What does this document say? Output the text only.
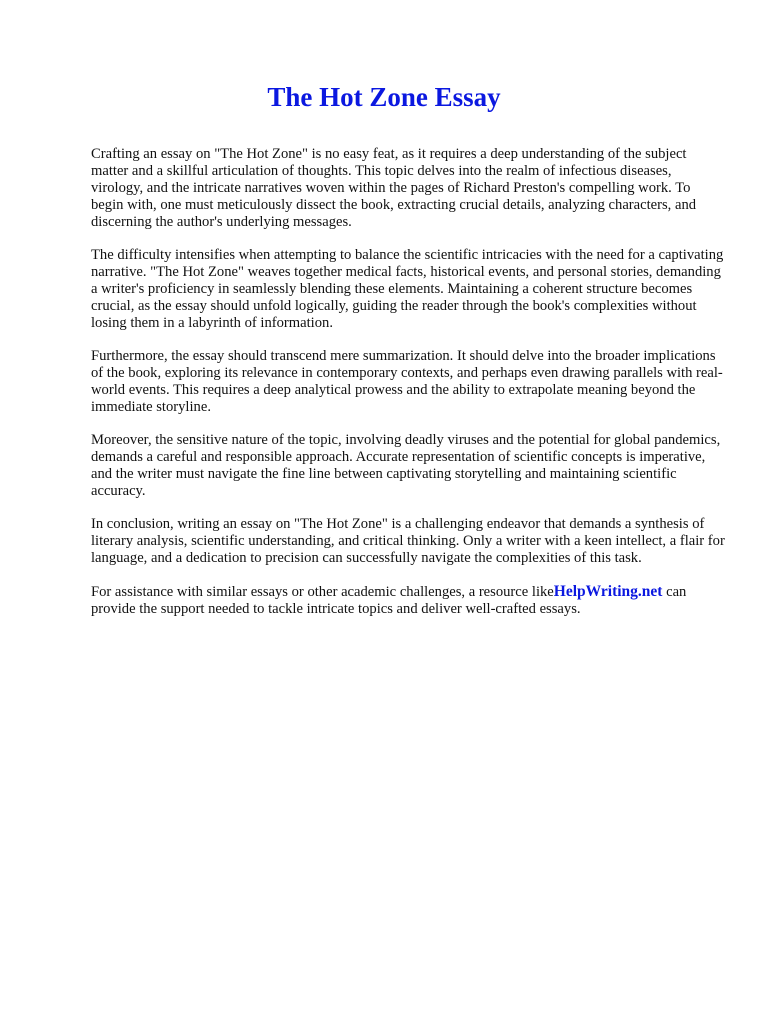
The Hot Zone Essay

Crafting an essay on "The Hot Zone" is no easy feat, as it requires a deep understanding of the subject matter and a skillful articulation of thoughts. This topic delves into the realm of infectious diseases, virology, and the intricate narratives woven within the pages of Richard Preston's compelling work. To begin with, one must meticulously dissect the book, extracting crucial details, analyzing characters, and discerning the author's underlying messages.

The difficulty intensifies when attempting to balance the scientific intricacies with the need for a captivating narrative. "The Hot Zone" weaves together medical facts, historical events, and personal stories, demanding a writer's proficiency in seamlessly blending these elements. Maintaining a coherent structure becomes crucial, as the essay should unfold logically, guiding the reader through the book's complexities without losing them in a labyrinth of information.

Furthermore, the essay should transcend mere summarization. It should delve into the broader implications of the book, exploring its relevance in contemporary contexts, and perhaps even drawing parallels with real-world events. This requires a deep analytical prowess and the ability to extrapolate meaning beyond the immediate storyline.

Moreover, the sensitive nature of the topic, involving deadly viruses and the potential for global pandemics, demands a careful and responsible approach. Accurate representation of scientific concepts is imperative, and the writer must navigate the fine line between captivating storytelling and maintaining scientific accuracy.

In conclusion, writing an essay on "The Hot Zone" is a challenging endeavor that demands a synthesis of literary analysis, scientific understanding, and critical thinking. Only a writer with a keen intellect, a flair for language, and a dedication to precision can successfully navigate the complexities of this task.

For assistance with similar essays or other academic challenges, a resource likeHelpWriting.net can provide the support needed to tackle intricate topics and deliver well-crafted essays.
